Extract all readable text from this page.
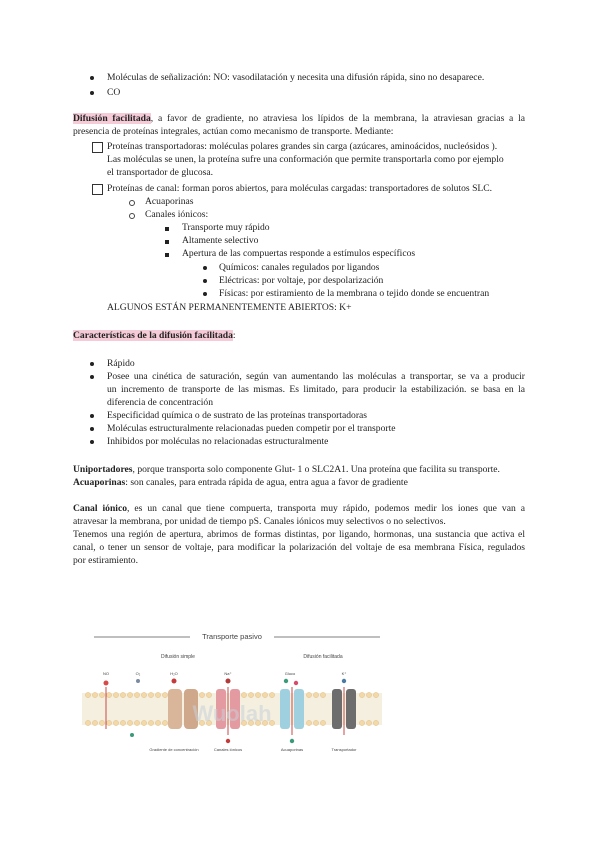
Moléculas de señalización: NO: vasodilatación y necesita una difusión rápida, sino no desaparece.
CO
Difusión facilitada, a favor de gradiente, no atraviesa los lípidos de la membrana, la atraviesan gracias a la
presencia de proteínas integrales, actúan como mecanismo de transporte. Mediante:
Proteínas transportadoras: moléculas polares grandes sin carga (azúcares, aminoácidos, nucleósidos ).
Las moléculas se unen, la proteína sufre una conformación que permite transportarla como por ejemplo
el transportador de glucosa.
Proteínas de canal: forman poros abiertos, para moléculas cargadas: transportadores de solutos SLC.
Acuaporinas
Canales iónicos:
Transporte muy rápido
Altamente selectivo
Apertura de las compuertas responde a estímulos específicos
Químicos: canales regulados por ligandos
Eléctricas: por voltaje, por despolarización
Físicas: por estiramiento de la membrana o tejido donde se encuentran
ALGUNOS ESTÁN PERMANENTEMENTE ABIERTOS: K+
Características de la difusión facilitada:
Rápido
Posee una cinética de saturación, según van aumentando las moléculas a transportar, se va a producir
un incremento de transporte de las mismas. Es limitado, para producir la estabilización. se basa en la
diferencia de concentración
Especificidad química o de sustrato de las proteínas transportadoras
Moléculas estructuralmente relacionadas pueden competir por el transporte
Inhibidos por moléculas no relacionadas estructuralmente
Uniportadores, porque transporta solo componente Glut- 1 o SLC2A1. Una proteína que facilita su transporte.
Acuaporinas: son canales, para entrada rápida de agua, entra agua a favor de gradiente
Canal iónico, es un canal que tiene compuerta, transporta muy rápido, podemos medir los iones que van a
atravesar la membrana, por unidad de tiempo pS. Canales iónicos muy selectivos o no selectivos.
Tenemos una región de apertura, abrimos de formas distintas, por ligando, hormonas, una sustancia que activa el
canal, o tener un sensor de voltaje, para modificar la polarización del voltaje de esa membrana Física, regulados
por estiramiento.
Transporte pasivo
Difusión simple	Difusión facilitada
NO	O₂	H₂O	Na⁺	Gluco	K⁺
Wuolah
Gradiente de concentración	Canales iónicos	Acuaporinas	Transportador
